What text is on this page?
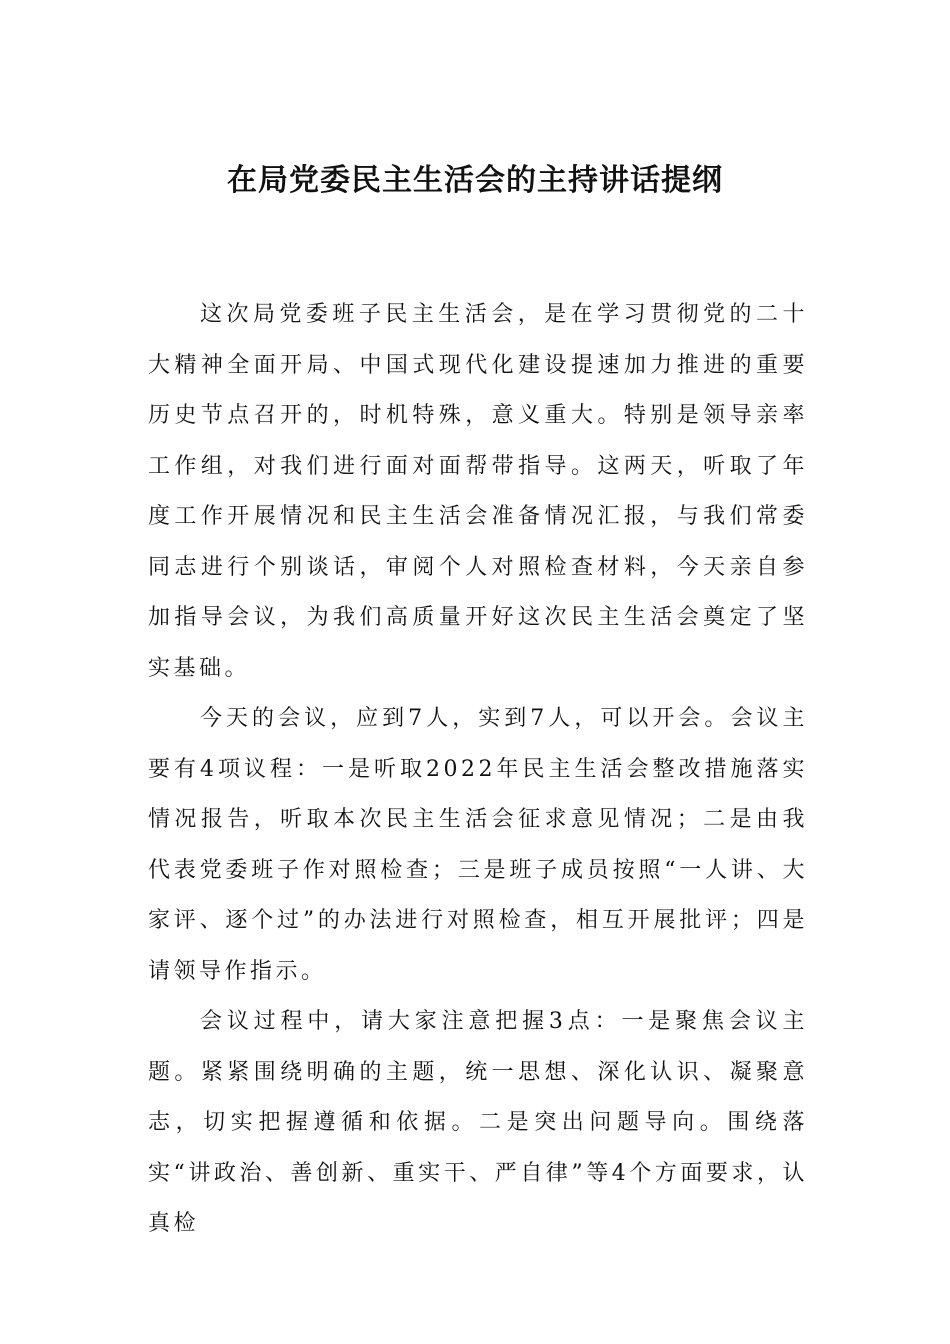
在局党委民主生活会的主持讲话提纲

这次局党委班子民主生活会，是在学习贯彻党的二十大精神全面开局、中国式现代化建设提速加力推进的重要历史节点召开的，时机特殊，意义重大。特别是领导亲率工作组，对我们进行面对面帮带指导。这两天，听取了年度工作开展情况和民主生活会准备情况汇报，与我们常委同志进行个别谈话，审阅个人对照检查材料，今天亲自参加指导会议，为我们高质量开好这次民主生活会奠定了坚实基础。

今天的会议，应到7人，实到7人，可以开会。会议主要有4项议程：一是听取2022年民主生活会整改措施落实情况报告，听取本次民主生活会征求意见情况；二是由我代表党委班子作对照检查；三是班子成员按照“一人讲、大家评、逐个过”的办法进行对照检查，相互开展批评；四是请领导作指示。

会议过程中，请大家注意把握3点：一是聚焦会议主题。紧紧围绕明确的主题，统一思想、深化认识、凝聚意志，切实把握遵循和依据。二是突出问题导向。围绕落实“讲政治、善创新、重实干、严自律”等4个方面要求，认真检
